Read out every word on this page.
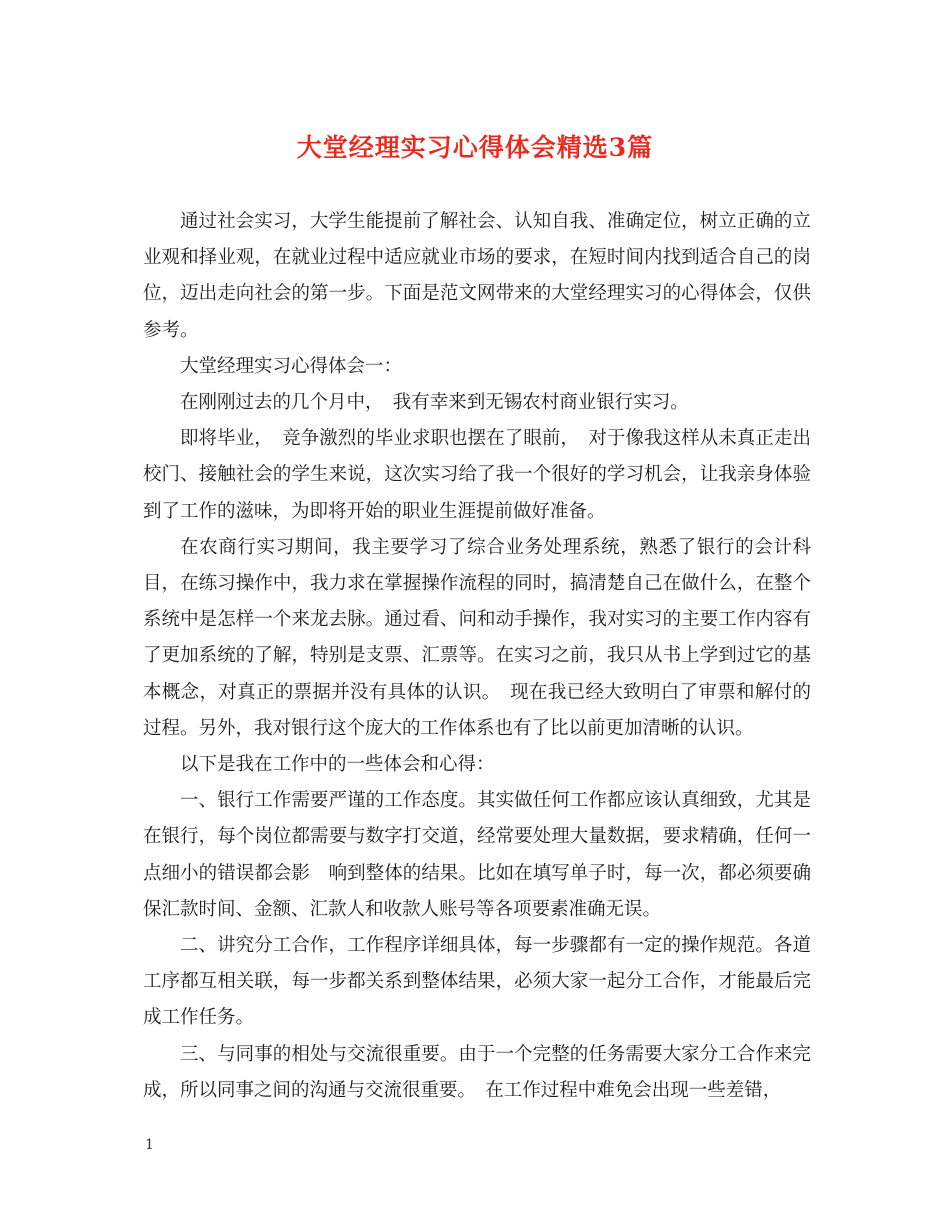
大堂经理实习心得体会精选3篇

通过社会实习，大学生能提前了解社会、认知自我、准确定位，树立正确的立业观和择业观，在就业过程中适应就业市场的要求，在短时间内找到适合自己的岗位，迈出走向社会的第一步。下面是范文网带来的大堂经理实习的心得体会，仅供参考。

大堂经理实习心得体会一：

在刚刚过去的几个月中，　我有幸来到无锡农村商业银行实习。

即将毕业，　竞争激烈的毕业求职也摆在了眼前，　对于像我这样从未真正走出校门、接触社会的学生来说，这次实习给了我一个很好的学习机会，让我亲身体验到了工作的滋味，为即将开始的职业生涯提前做好准备。

在农商行实习期间，我主要学习了综合业务处理系统，熟悉了银行的会计科目，在练习操作中，我力求在掌握操作流程的同时，搞清楚自己在做什么，在整个系统中是怎样一个来龙去脉。通过看、问和动手操作，我对实习的主要工作内容有了更加系统的了解，特别是支票、汇票等。在实习之前，我只从书上学到过它的基本概念，对真正的票据并没有具体的认识。　现在我已经大致明白了审票和解付的过程。另外，我对银行这个庞大的工作体系也有了比以前更加清晰的认识。

以下是我在工作中的一些体会和心得：

一、银行工作需要严谨的工作态度。其实做任何工作都应该认真细致，尤其是在银行，每个岗位都需要与数字打交道，经常要处理大量数据，要求精确，任何一点细小的错误都会影　响到整体的结果。比如在填写单子时，每一次，都必须要确保汇款时间、金额、汇款人和收款人账号等各项要素准确无误。

二、讲究分工合作，工作程序详细具体，每一步骤都有一定的操作规范。各道工序都互相关联，每一步都关系到整体结果，必须大家一起分工合作，才能最后完成工作任务。

三、与同事的相处与交流很重要。由于一个完整的任务需要大家分工合作来完成，所以同事之间的沟通与交流很重要。　在工作过程中难免会出现一些差错，

1
